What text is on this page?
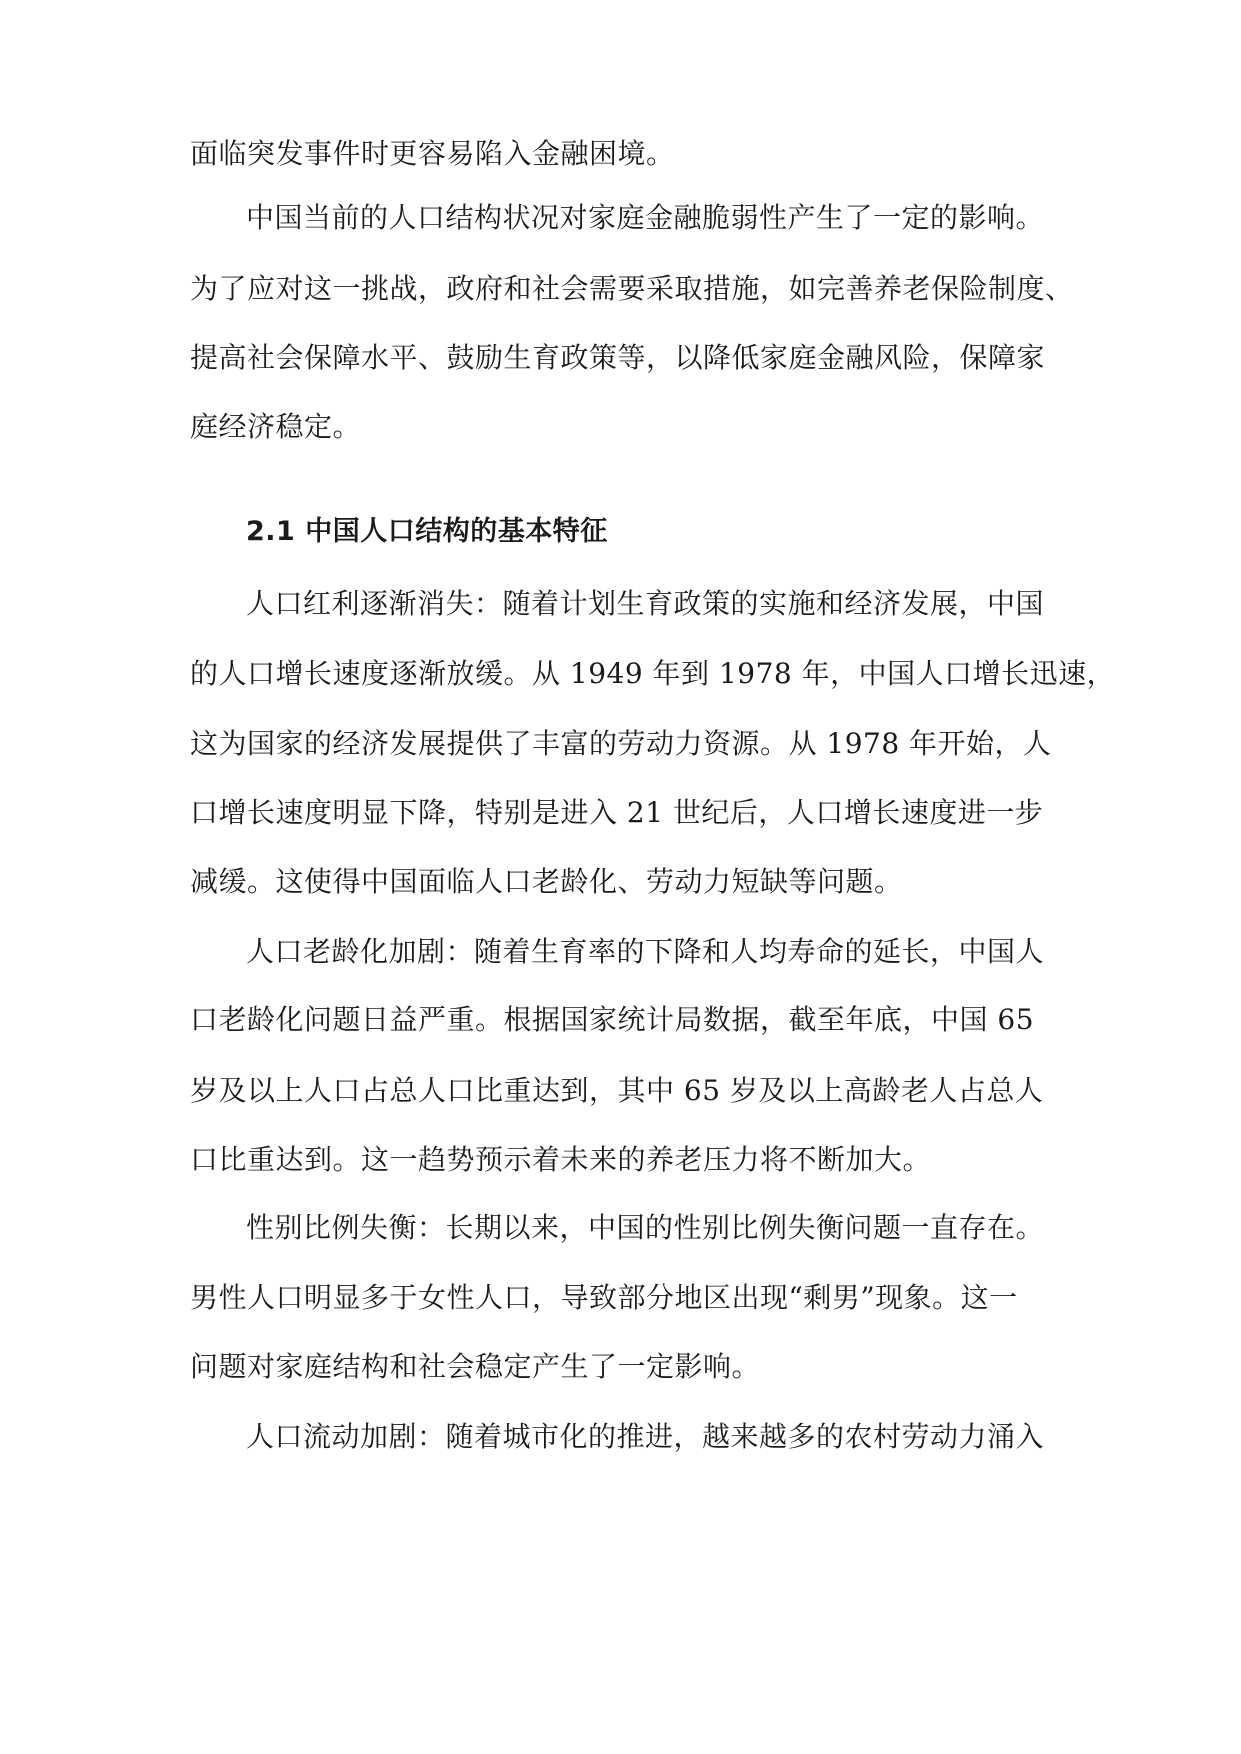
面临突发事件时更容易陷入金融困境。
中国当前的人口结构状况对家庭金融脆弱性产生了一定的影响。
为了应对这一挑战，政府和社会需要采取措施，如完善养老保险制度、
提高社会保障水平、鼓励生育政策等，以降低家庭金融风险，保障家
庭经济稳定。
2.1 中国人口结构的基本特征
人口红利逐渐消失：随着计划生育政策的实施和经济发展，中国
的人口增长速度逐渐放缓。从 1949 年到 1978 年，中国人口增长迅速，
这为国家的经济发展提供了丰富的劳动力资源。从 1978 年开始，人
口增长速度明显下降，特别是进入 21 世纪后，人口增长速度进一步
减缓。这使得中国面临人口老龄化、劳动力短缺等问题。
人口老龄化加剧：随着生育率的下降和人均寿命的延长，中国人
口老龄化问题日益严重。根据国家统计局数据，截至年底，中国 65
岁及以上人口占总人口比重达到，其中 65 岁及以上高龄老人占总人
口比重达到。这一趋势预示着未来的养老压力将不断加大。
性别比例失衡：长期以来，中国的性别比例失衡问题一直存在。
男性人口明显多于女性人口，导致部分地区出现“剩男”现象。这一
问题对家庭结构和社会稳定产生了一定影响。
人口流动加剧：随着城市化的推进，越来越多的农村劳动力涌入
